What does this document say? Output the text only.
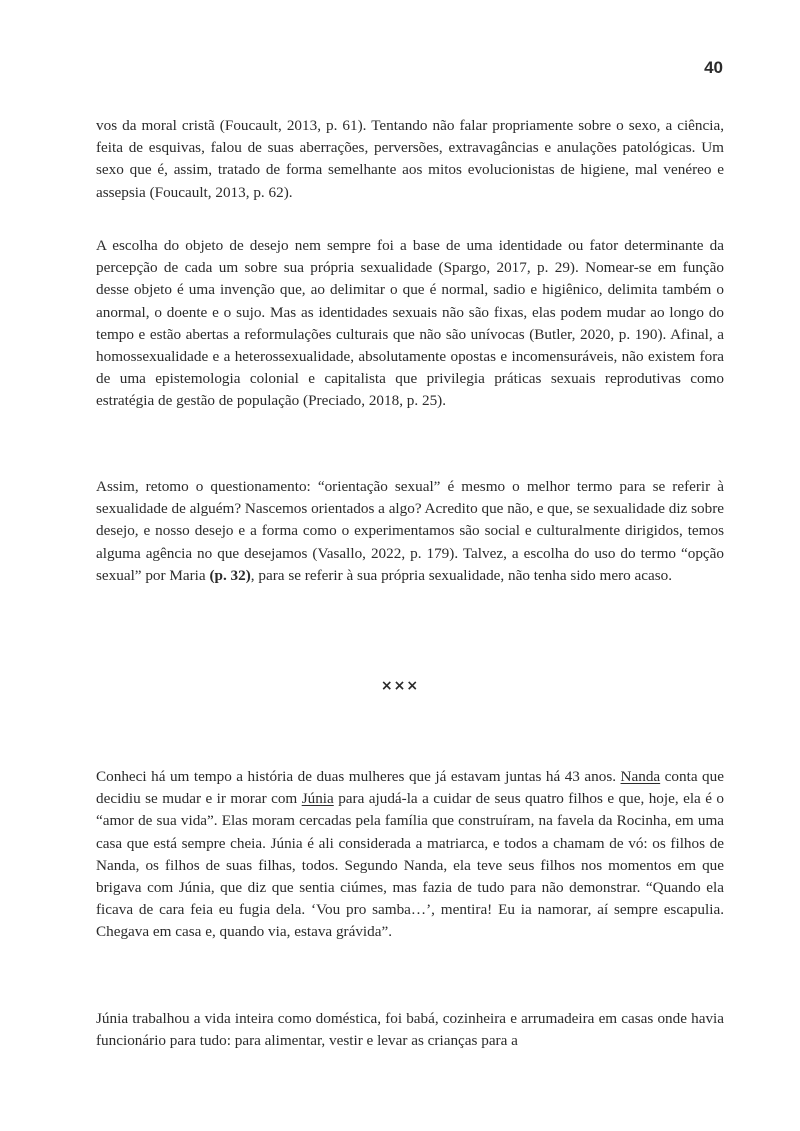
40

vos da moral cristã (Foucault, 2013, p. 61). Tentando não falar propriamente sobre o sexo, a ciência, feita de esquivas, falou de suas aberrações, perversões, extravagâncias e anulações patológicas. Um sexo que é, assim, tratado de forma semelhante aos mitos evolucionistas de higiene, mal venéreo e assepsia (Foucault, 2013, p. 62).

A escolha do objeto de desejo nem sempre foi a base de uma identidade ou fator determinante da percepção de cada um sobre sua própria sexualidade (Spargo, 2017, p. 29). Nomear-se em função desse objeto é uma invenção que, ao delimitar o que é normal, sadio e higiênico, delimita também o anormal, o doente e o sujo. Mas as identidades sexuais não são fixas, elas podem mudar ao longo do tempo e estão abertas a reformulações culturais que não são unívocas (Butler, 2020, p. 190). Afinal, a homossexualidade e a heterossexualidade, absolutamente opostas e incomensuráveis, não existem fora de uma epistemologia colonial e capitalista que privilegia práticas sexuais reprodutivas como estratégia de gestão de população (Preciado, 2018, p. 25).

Assim, retomo o questionamento: “orientação sexual” é mesmo o melhor termo para se referir à sexualidade de alguém? Nascemos orientados a algo? Acredito que não, e que, se sexualidade diz sobre desejo, e nosso desejo e a forma como o experimentamos são social e culturalmente dirigidos, temos alguma agência no que desejamos (Vasallo, 2022, p. 179). Talvez, a escolha do uso do termo “opção sexual” por Maria (p. 32), para se referir à sua própria sexualidade, não tenha sido mero acaso.

×××

Conheci há um tempo a história de duas mulheres que já estavam juntas há 43 anos. Nanda conta que decidiu se mudar e ir morar com Júnia para ajudá-la a cuidar de seus quatro filhos e que, hoje, ela é o “amor de sua vida”. Elas moram cercadas pela família que construíram, na favela da Rocinha, em uma casa que está sempre cheia. Júnia é ali considerada a matriarca, e todos a chamam de vó: os filhos de Nanda, os filhos de suas filhas, todos. Segundo Nanda, ela teve seus filhos nos momentos em que brigava com Júnia, que diz que sentia ciúmes, mas fazia de tudo para não demonstrar. “Quando ela ficava de cara feia eu fugia dela. ‘Vou pro samba…’, mentira! Eu ia namorar, aí sempre escapulia. Chegava em casa e, quando via, estava grávida”.

Júnia trabalhou a vida inteira como doméstica, foi babá, cozinheira e arrumadeira em casas onde havia funcionário para tudo: para alimentar, vestir e levar as crianças para a
